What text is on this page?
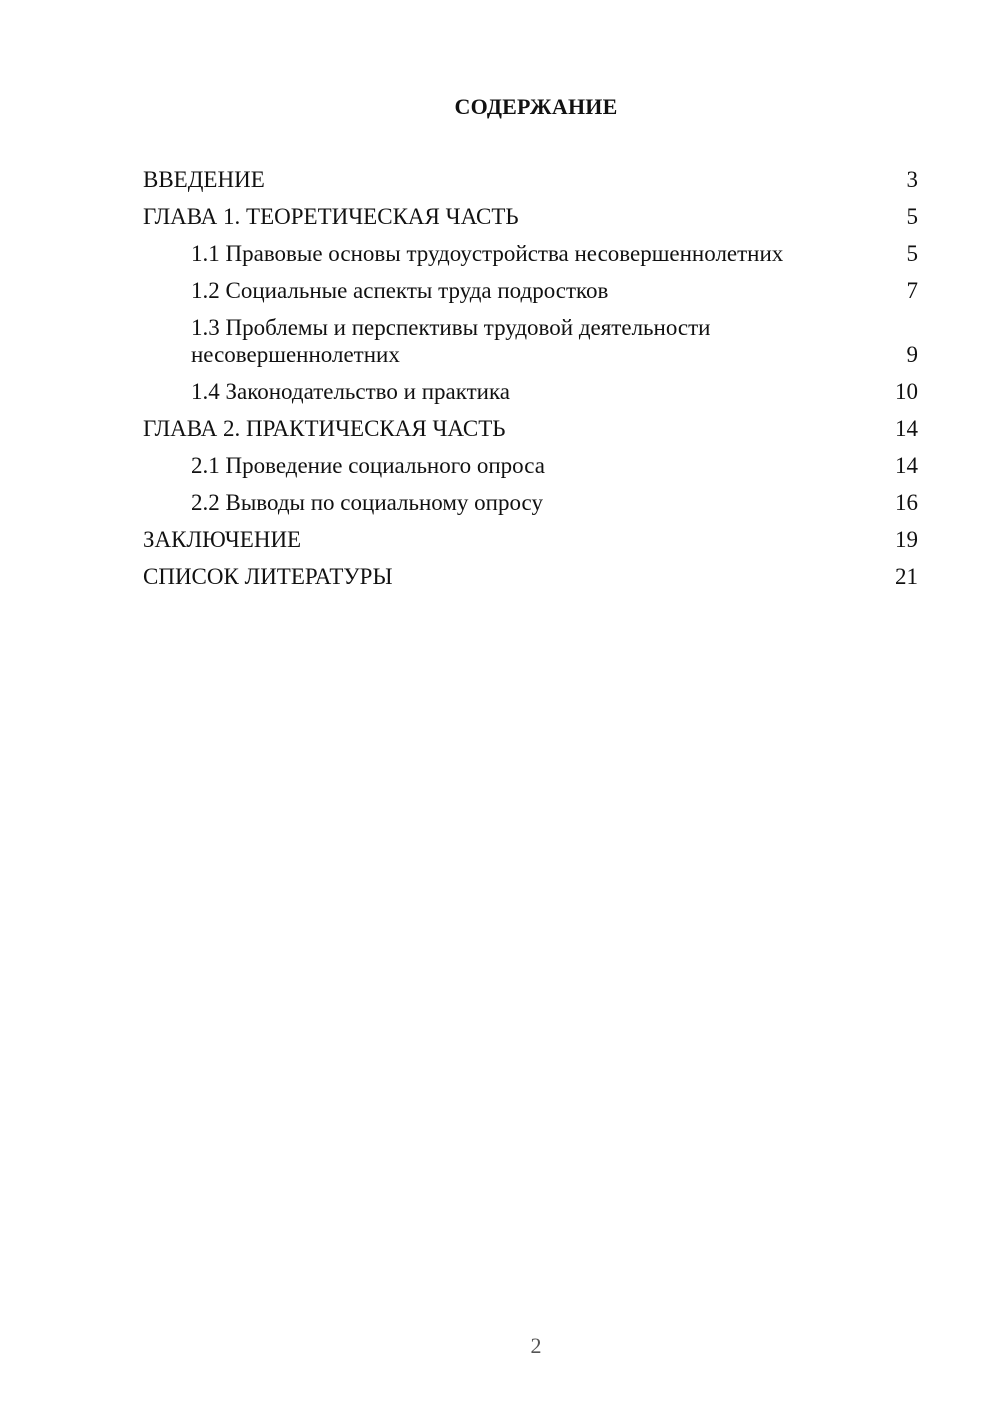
СОДЕРЖАНИЕ
ВВЕДЕНИЕ	3
ГЛАВА 1. ТЕОРЕТИЧЕСКАЯ ЧАСТЬ	5
1.1 Правовые основы трудоустройства несовершеннолетних	5
1.2 Социальные аспекты труда подростков	7
1.3 Проблемы и перспективы трудовой деятельности несовершеннолетних	9
1.4 Законодательство и практика	10
ГЛАВА 2. ПРАКТИЧЕСКАЯ ЧАСТЬ	14
2.1 Проведение социального опроса	14
2.2 Выводы по социальному опросу	16
ЗАКЛЮЧЕНИЕ	19
СПИСОК ЛИТЕРАТУРЫ	21
2
